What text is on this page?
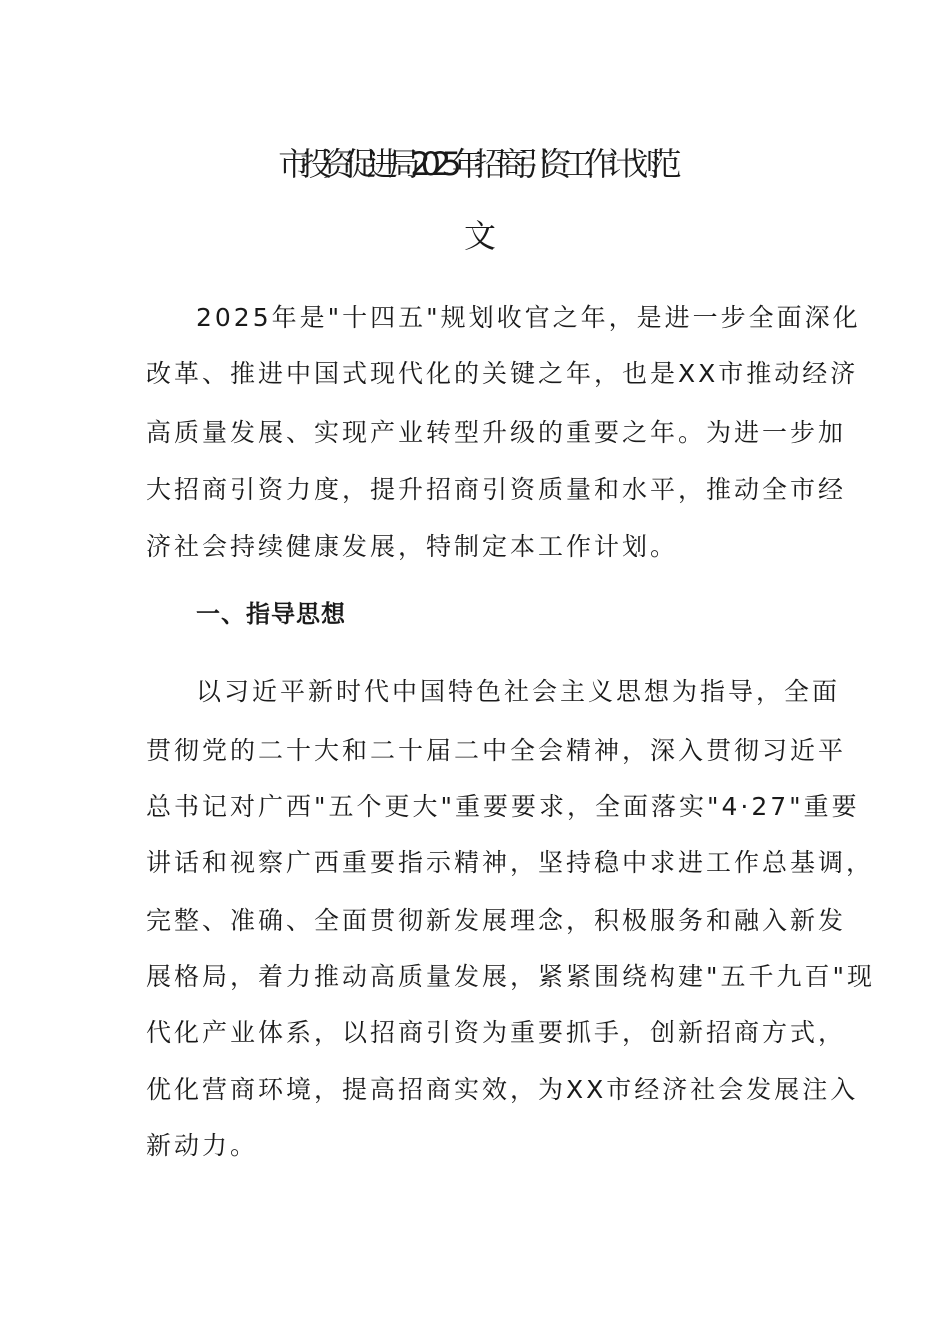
市投资促进局2025年招商引资工作计划范
文
2025年是"十四五"规划收官之年，是进一步全面深化
改革、推进中国式现代化的关键之年，也是XX市推动经济
高质量发展、实现产业转型升级的重要之年。为进一步加
大招商引资力度，提升招商引资质量和水平，推动全市经
济社会持续健康发展，特制定本工作计划。
一、指导思想
以习近平新时代中国特色社会主义思想为指导，全面
贯彻党的二十大和二十届二中全会精神，深入贯彻习近平
总书记对广西"五个更大"重要要求，全面落实"4·27"重要
讲话和视察广西重要指示精神，坚持稳中求进工作总基调，
完整、准确、全面贯彻新发展理念，积极服务和融入新发
展格局，着力推动高质量发展，紧紧围绕构建"五千九百"现
代化产业体系，以招商引资为重要抓手，创新招商方式，
优化营商环境，提高招商实效，为XX市经济社会发展注入
新动力。
